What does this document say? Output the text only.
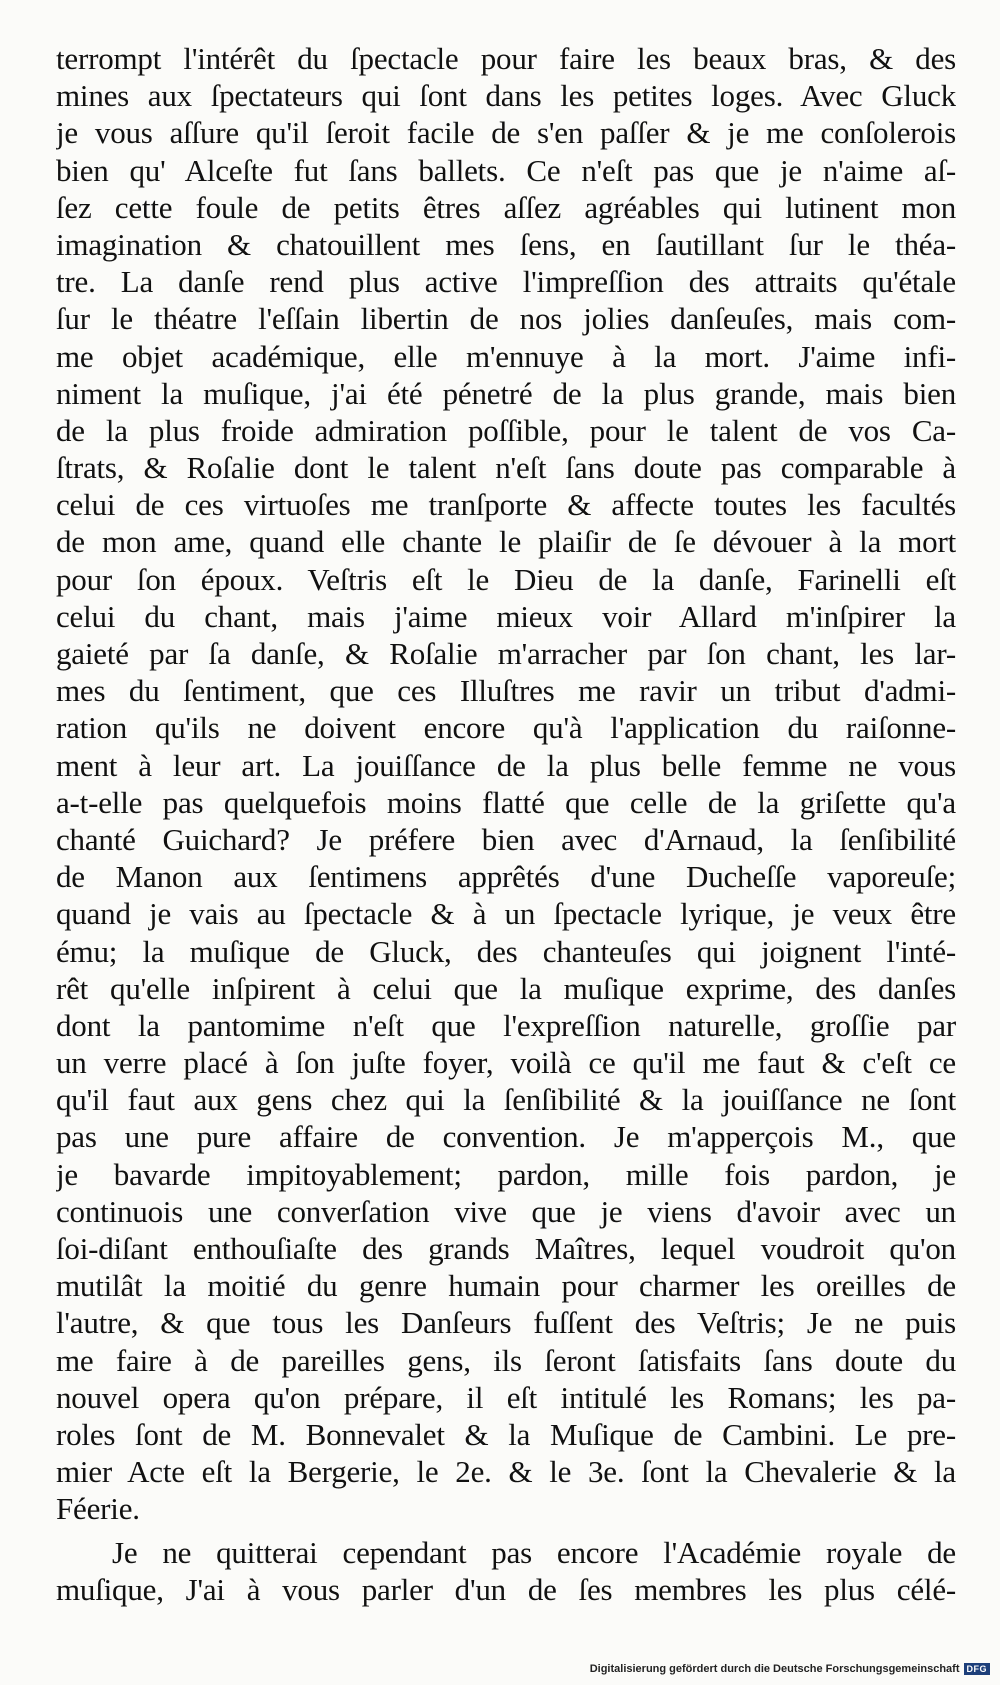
terrompt l'intérêt du ſpectacle pour faire les beaux bras, & des
mines aux ſpectateurs qui ſont dans les petites loges. Avec Gluck
je vous aſſure qu'il ſeroit facile de s'en paſſer & je me conſolerois
bien qu' Alceſte fut ſans ballets. Ce n'eſt pas que je n'aime aſ-
ſez cette foule de petits êtres aſſez agréables qui lutinent mon
imagination & chatouillent mes ſens, en ſautillant ſur le théa-
tre. La danſe rend plus active l'impreſſion des attraits qu'étale
ſur le théatre l'eſſain libertin de nos jolies danſeuſes, mais com-
me objet académique, elle m'ennuye à la mort. J'aime infi-
niment la muſique, j'ai été pénetré de la plus grande, mais bien
de la plus froide admiration poſſible, pour le talent de vos Ca-
ſtrats, & Roſalie dont le talent n'eſt ſans doute pas comparable à
celui de ces virtuoſes me tranſporte & affecte toutes les facultés
de mon ame, quand elle chante le plaiſir de ſe dévouer à la mort
pour ſon époux. Veſtris eſt le Dieu de la danſe, Farinelli eſt
celui du chant, mais j'aime mieux voir Allard m'inſpirer la
gaieté par ſa danſe, & Roſalie m'arracher par ſon chant, les lar-
mes du ſentiment, que ces Illuſtres me ravir un tribut d'admi-
ration qu'ils ne doivent encore qu'à l'application du raiſonne-
ment à leur art. La jouiſſance de la plus belle femme ne vous
a-t-elle pas quelquefois moins flatté que celle de la griſette qu'a
chanté Guichard? Je préfere bien avec d'Arnaud, la ſenſibilité
de Manon aux ſentimens apprêtés d'une Ducheſſe vaporeuſe;
quand je vais au ſpectacle & à un ſpectacle lyrique, je veux être
ému; la muſique de Gluck, des chanteuſes qui joignent l'inté-
rêt qu'elle inſpirent à celui que la muſique exprime, des danſes
dont la pantomime n'eſt que l'expreſſion naturelle, groſſie par
un verre placé à ſon juſte foyer, voilà ce qu'il me faut & c'eſt ce
qu'il faut aux gens chez qui la ſenſibilité & la jouiſſance ne ſont
pas une pure affaire de convention. Je m'apperçois M., que
je bavarde impitoyablement; pardon, mille fois pardon, je
continuois une converſation vive que je viens d'avoir avec un
ſoi-diſant enthouſiaſte des grands Maîtres, lequel voudroit qu'on
mutilât la moitié du genre humain pour charmer les oreilles de
l'autre, & que tous les Danſeurs fuſſent des Veſtris; Je ne puis
me faire à de pareilles gens, ils ſeront ſatisfaits ſans doute du
nouvel opera qu'on prépare, il eſt intitulé les Romans; les pa-
roles ſont de M. Bonnevalet & la Muſique de Cambini. Le pre-
mier Acte eſt la Bergerie, le 2e. & le 3e. ſont la Chevalerie & la
Féerie.
Je ne quitterai cependant pas encore l'Académie royale de
muſique, J'ai à vous parler d'un de ſes membres les plus célé-
Digitalisierung gefördert durch die Deutsche Forschungsgemeinschaft DFG
